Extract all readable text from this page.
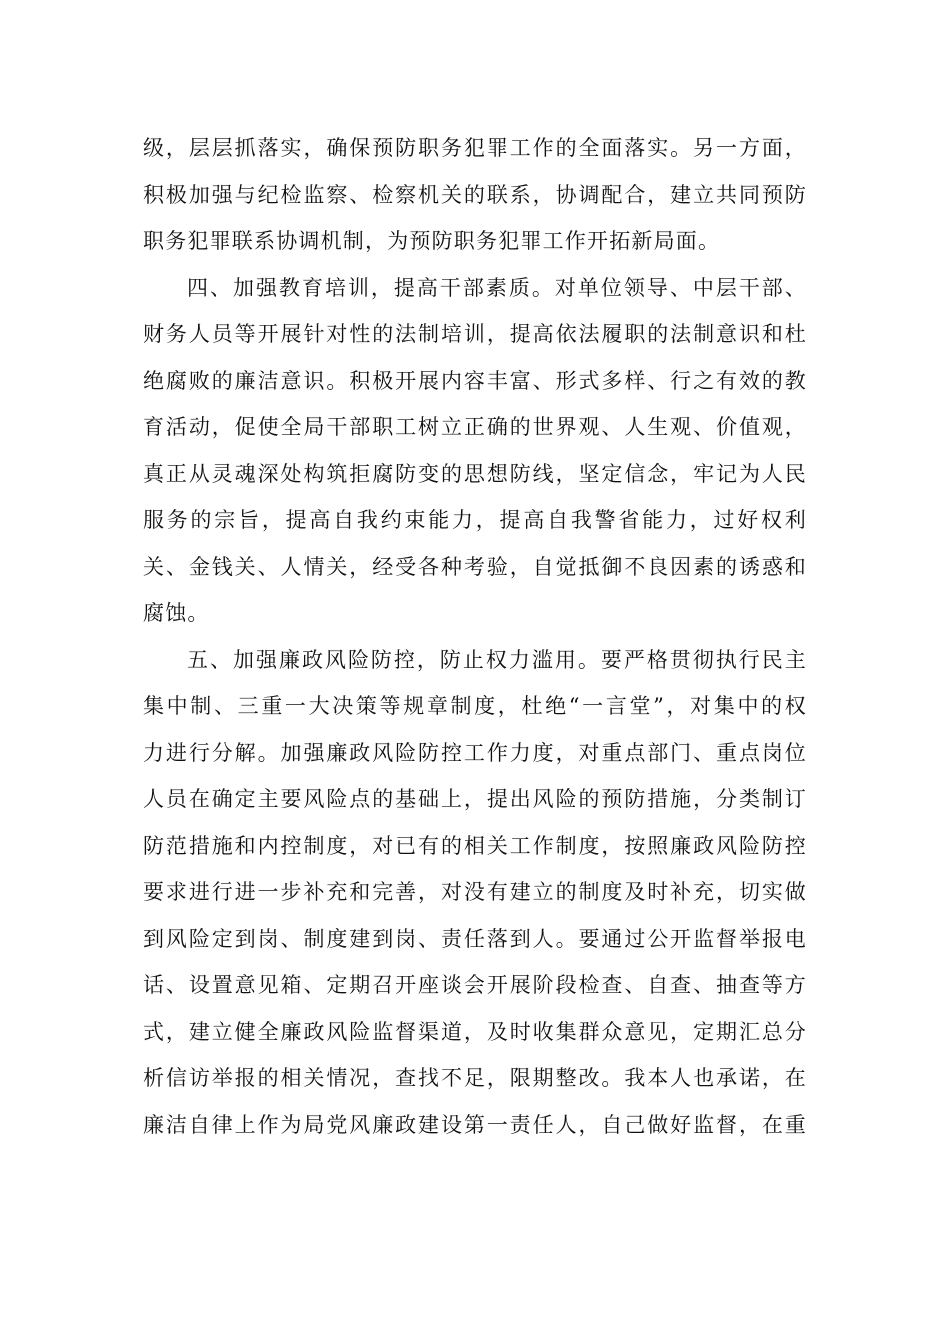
级，层层抓落实，确保预防职务犯罪工作的全面落实。另一方面，
积极加强与纪检监察、检察机关的联系，协调配合，建立共同预防
职务犯罪联系协调机制，为预防职务犯罪工作开拓新局面。
四、加强教育培训，提高干部素质。对单位领导、中层干部、
财务人员等开展针对性的法制培训，提高依法履职的法制意识和杜
绝腐败的廉洁意识。积极开展内容丰富、形式多样、行之有效的教
育活动，促使全局干部职工树立正确的世界观、人生观、价值观，
真正从灵魂深处构筑拒腐防变的思想防线，坚定信念，牢记为人民
服务的宗旨，提高自我约束能力，提高自我警省能力，过好权利
关、金钱关、人情关，经受各种考验，自觉抵御不良因素的诱惑和
腐蚀。
五、加强廉政风险防控，防止权力滥用。要严格贯彻执行民主
集中制、三重一大决策等规章制度，杜绝“一言堂”，对集中的权
力进行分解。加强廉政风险防控工作力度，对重点部门、重点岗位
人员在确定主要风险点的基础上，提出风险的预防措施，分类制订
防范措施和内控制度，对已有的相关工作制度，按照廉政风险防控
要求进行进一步补充和完善，对没有建立的制度及时补充，切实做
到风险定到岗、制度建到岗、责任落到人。要通过公开监督举报电
话、设置意见箱、定期召开座谈会开展阶段检查、自查、抽查等方
式，建立健全廉政风险监督渠道，及时收集群众意见，定期汇总分
析信访举报的相关情况，查找不足，限期整改。我本人也承诺，在
廉洁自律上作为局党风廉政建设第一责任人，自己做好监督，在重
